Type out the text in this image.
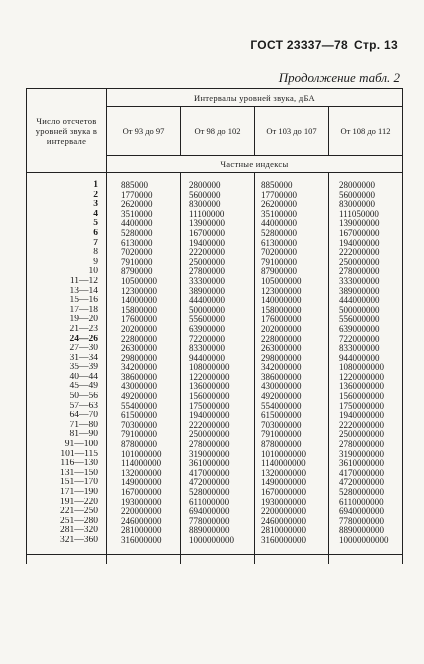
ГОСТ 23337—78 Стр. 13
Продолжение табл. 2
Число отсчетов уровней звука в интервале	Интервалы уровней звука, дБА			
	От 93 до 97	От 98 до 102	От 103 до 107	От 108 до 112
	Частные индексы			
1	885000	2800000	8850000	28000000
2	1770000	5600000	17700000	56000000
3	2620000	8300000	26200000	83000000
4	3510000	11100000	35100000	111050000
5	4400000	13900000	44000000	139000000
6	5280000	16700000	52800000	167000000
7	6130000	19400000	61300000	194000000
8	7020000	22200000	70200000	222000000
9	7910000	25000000	79100000	250000000
10	8790000	27800000	87900000	278000000
11—12	10500000	33300000	105000000	333000000
13—14	12300000	38900000	123000000	389000000
15—16	14000000	44400000	140000000	444000000
17—18	15800000	50000000	158000000	500000000
19—20	17600000	55600000	176000000	556000000
21—23	20200000	63900000	202000000	639000000
24—26	22800000	72200000	228000000	722000000
27—30	26300000	83300000	263000000	833000000
31—34	29800000	94400000	298000000	944000000
35—39	34200000	108000000	342000000	1080000000
40—44	38600000	122000000	386000000	1220000000
45—49	43000000	136000000	430000000	1360000000
50—56	49200000	156000000	492000000	1560000000
57—63	55400000	175000000	554000000	1750000000
64—70	61500000	194000000	615000000	1940000000
71—80	70300000	222000000	703000000	2220000000
81—90	79100000	250000000	791000000	2500000000
91—100	87800000	278000000	878000000	2780000000
101—115	101000000	319000000	1010000000	3190000000
116—130	114000000	361000000	1140000000	3610000000
131—150	132000000	417000000	1320000000	4170000000
151—170	149000000	472000000	1490000000	4720000000
171—190	167000000	528000000	1670000000	5280000000
191—220	193000000	611000000	1930000000	6110000000
221—250	220000000	694000000	2200000000	6940000000
251—280	246000000	778000000	2460000000	7780000000
281—320	281000000	889000000	2810000000	8890000000
321—360	316000000	1000000000	3160000000	10000000000
